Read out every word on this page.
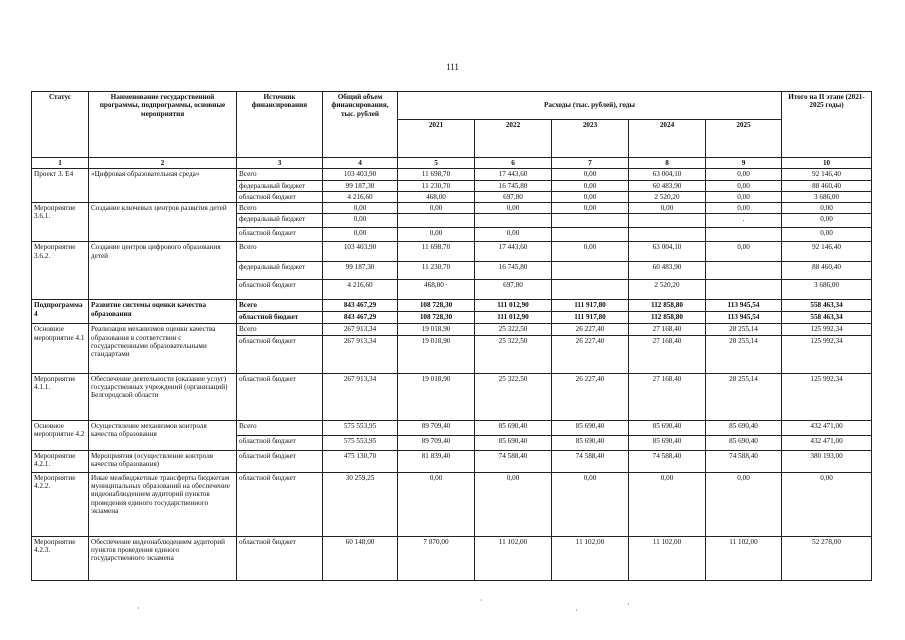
111
Статус	Наименование государственной программы, подпрограммы, основные мероприятия	Источник финансирования	Общий объем финансирования, тыс. рублей	Расходы (тыс. рублей), годы					Итого на II этапе (2021-2025 годы)
				2021	2022	2023	2024	2025	
1	2	3	4	5	6	7	8	9	10
Проект 3. Е4	«Цифровая образовательная среда»	Всего	103 403,90	11 698,70	17 443,60	0,00	63 004,10	0,00	92 146,40
		федеральный бюджет	99 187,30	11 230,70	16 745,80	0,00	60 483,90	0,00	88 460,40
		областной бюджет	4 216,60	468,00	697,80	0,00	2 520,20	0,00	3 686,00
Мероприятие 3.6.1.	Создание ключевых центров развития детей	Всего	0,00	0,00	0,00	0,00	0,00	0,00	0,00
		федеральный бюджет	0,00					.	0,00
		областной бюджет	0,00	0,00	0,00				0,00
Мероприятие 3.6.2.	Создание центров цифрового образования детей	Всего	103 403,90	11 698,70	17 443,60	0,00	63 004,10	0,00	92 146,40
		федеральный бюджет	99 187,30	11 230,70	16 745,80		60 483,90		88 460,40
		областной бюджет	4 216,60	468,00 ·	697,80		2 520,20		3 686,00
Подпрограмма 4	Развитие системы оценки качества образования	Всего	843 467,29	108 728,30	111 012,90	111 917,80	112 858,80	113 945,54	558 463,34
		областной бюджет	843 467,29	108 728,30	111 012,90	111 917,80	112 858,80	113 945,54	558 463,34
Основное мероприятие 4.1	Реализация механизмов оценки качества образования в соответствии с государственными образовательными стандартами	Всего	267 913,34	19 018,90	25 322,50	26 227,40	27 168,40	28 255,14	125 992,34
		областной бюджет	267 913,34	19 018,90	25 322,50	26 227,40	27 168,40	28 255,14	125 992,34
Мероприятие 4.1.1.	Обеспечение деятельности (оказание услуг) государственных учреждений (организаций) Белгородской области	областной бюджет	267 913,34	19 018,90	25 322,50	26 227,40	27 168,40	28 255,14	125 992,34
Основное мероприятие 4.2	Осуществление механизмов контроля качества образования	Всего	575 553,95	89 709,40	85 690,40	85 690,40	85 690,40	85 690,40	432 471,00
		областной бюджет	575 553,95	89 709,40	85 690,40	85 690,40	85 690,40	85 690,40	432 471,00
Мероприятие 4.2.1.	Мероприятия (осуществление контроля качества образования)	областной бюджет	475 130,70	81 839,40	74 588,40	74 588,40	74 588,40	74 588,40	380 193,00
Мероприятие 4.2.2.	Иные межбюджетные трансферты бюджетам муниципальных образований на обеспечение видеонаблюдением аудиторий пунктов проведения единого государственного экзамена	областной бюджет	30 259,25	0,00	0,00	0,00	0,00	0,00	0,00
Мероприятие 4.2.3.	Обеспечение видеонаблюдением аудиторий пунктов проведения единого государственного экзамена	областной бюджет	60 148,00	7 870,00	11 102,00	11 102,00	11 102,00	11 102,00	52 278,00
·
·
·
·
